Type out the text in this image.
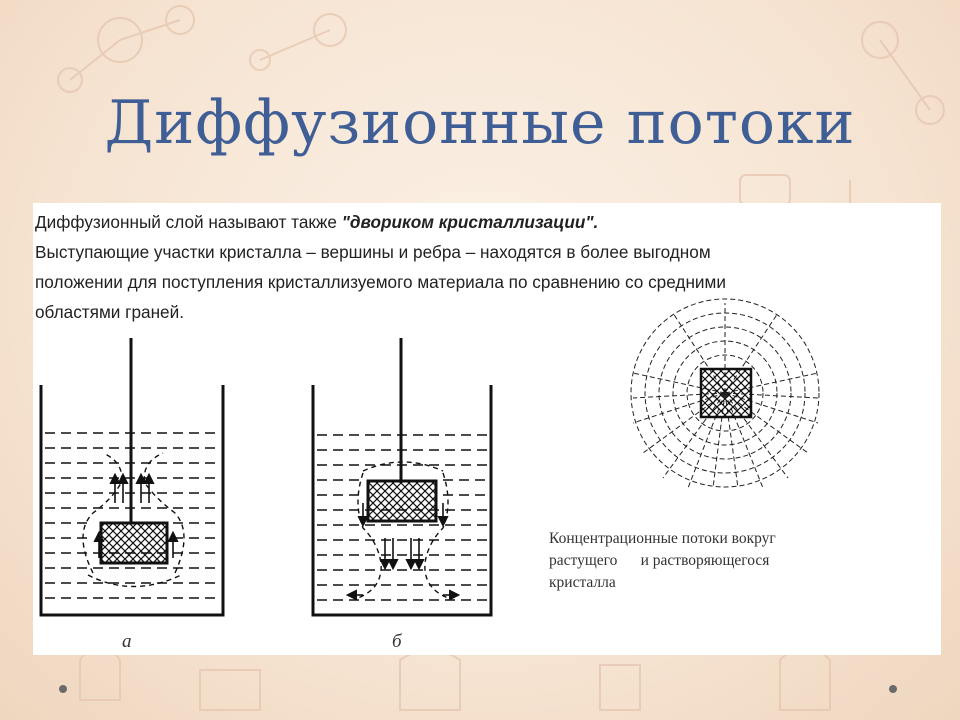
Диффузионные потоки

Диффузионный слой называют также "двориком кристаллизации".
Выступающие участки кристалла – вершины и ребра – находятся в более выгодном
положении для поступления кристаллизуемого материала по сравнению со средними
областями граней.

Концентрационные потоки вокруг
растущего      и растворяющегося
кристалла
а	б
